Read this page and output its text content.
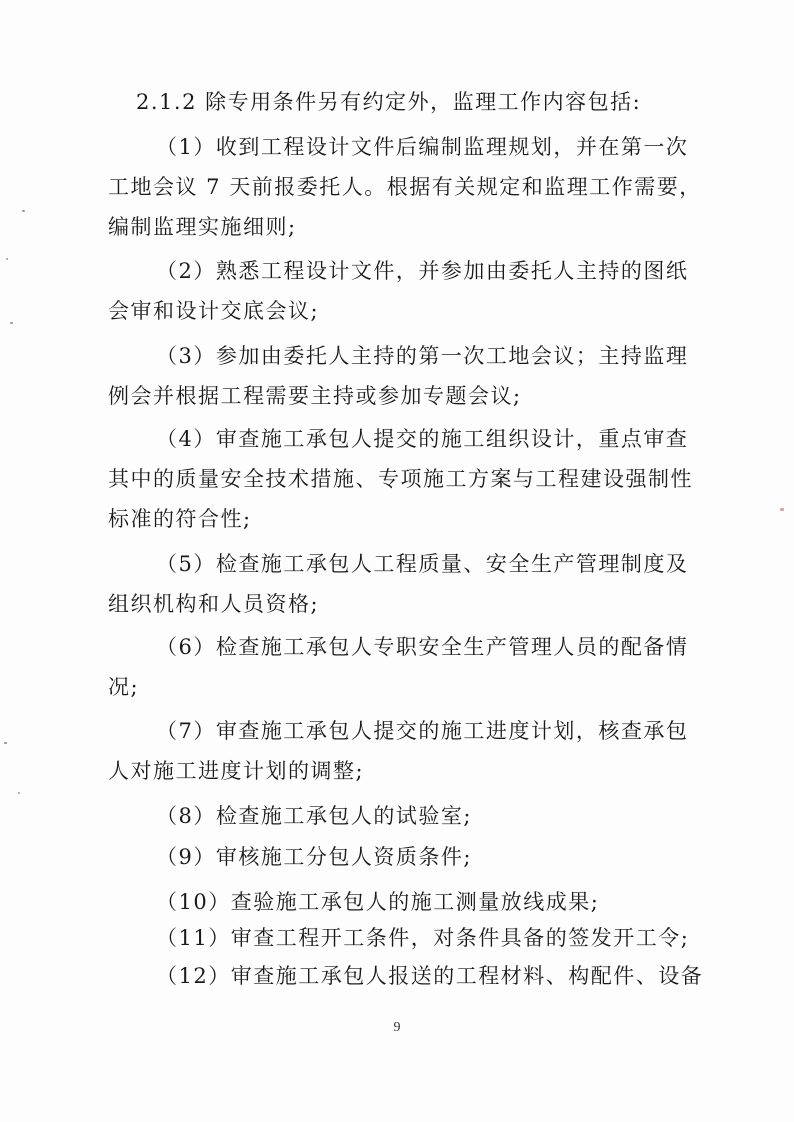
2.1.2 除专用条件另有约定外，监理工作内容包括:
（1）收到工程设计文件后编制监理规划，并在第一次
工地会议 7 天前报委托人。根据有关规定和监理工作需要，
编制监理实施细则;
（2）熟悉工程设计文件，并参加由委托人主持的图纸
会审和设计交底会议;
（3）参加由委托人主持的第一次工地会议；主持监理
例会并根据工程需要主持或参加专题会议;
（4）审查施工承包人提交的施工组织设计，重点审查
其中的质量安全技术措施、专项施工方案与工程建设强制性
标准的符合性;
（5）检查施工承包人工程质量、安全生产管理制度及
组织机构和人员资格;
（6）检查施工承包人专职安全生产管理人员的配备情
况;
（7）审查施工承包人提交的施工进度计划，核查承包
人对施工进度计划的调整;
（8）检查施工承包人的试验室;
（9）审核施工分包人资质条件;
（10）查验施工承包人的施工测量放线成果;
（11）审查工程开工条件，对条件具备的签发开工令;
（12）审查施工承包人报送的工程材料、构配件、设备
9
